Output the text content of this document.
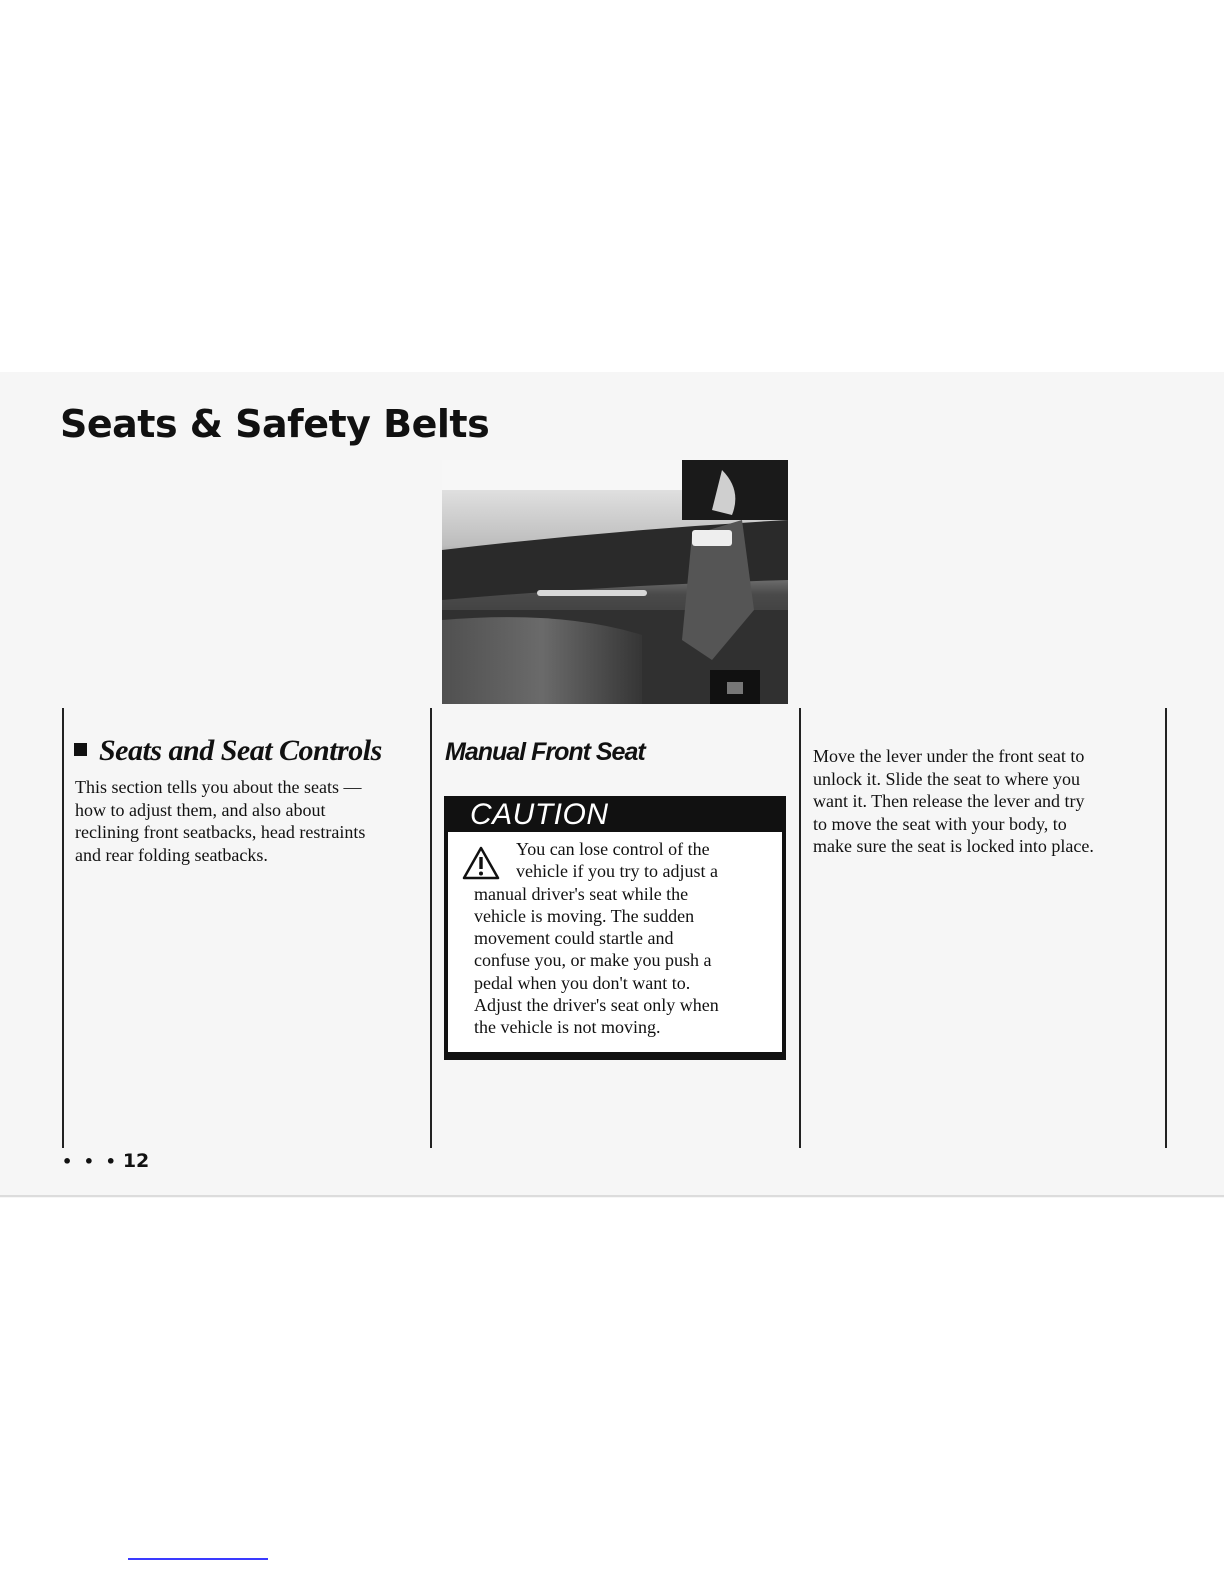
Seats & Safety Belts
Seats and Seat Controls

This section tells you about the seats —
how to adjust them, and also about
reclining front seatbacks, head restraints
and rear folding seatbacks.

Manual Front Seat
CAUTION

You can lose control of the
vehicle if you try to adjust a
manual driver's seat while the
vehicle is moving. The sudden
movement could startle and
confuse you, or make you push a
pedal when you don't want to.
Adjust the driver's seat only when
the vehicle is not moving.

Move the lever under the front seat to
unlock it. Slide the seat to where you
want it. Then release the lever and try
to move the seat with your body, to
make sure the seat is locked into place.

• • • 12
